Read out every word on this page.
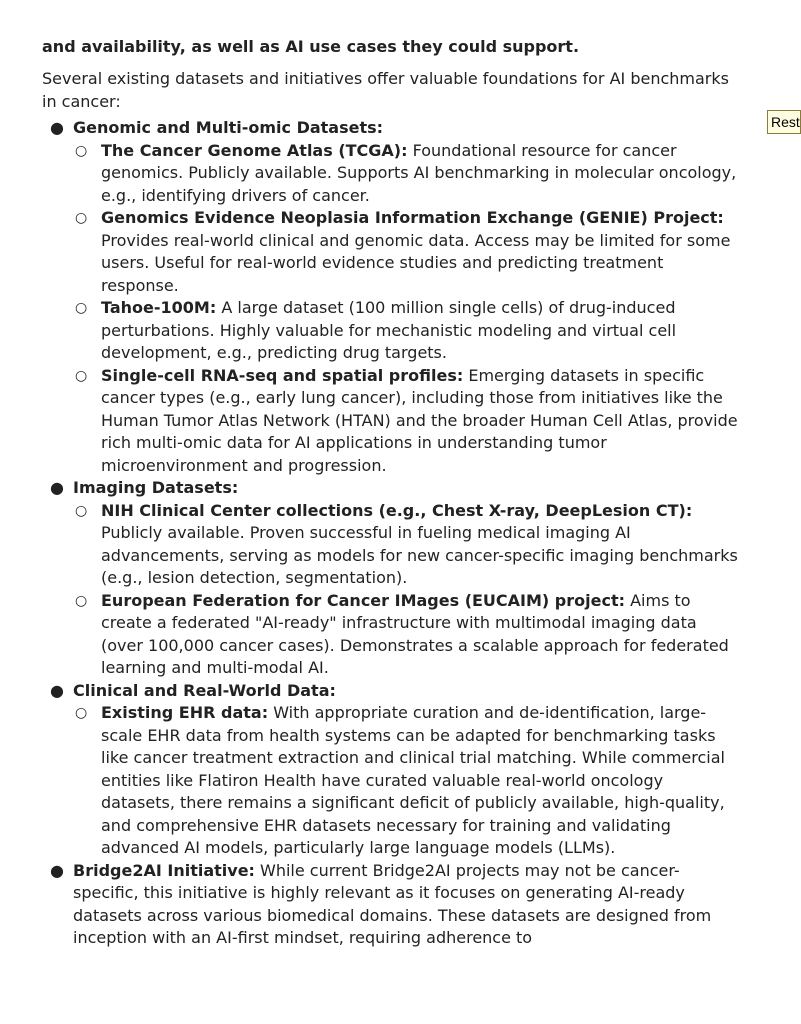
and availability, as well as AI use cases they could support.

Several existing datasets and initiatives offer valuable foundations for AI benchmarks in cancer:

● Genomic and Multi-omic Datasets:
○ The Cancer Genome Atlas (TCGA): Foundational resource for cancer genomics. Publicly available. Supports AI benchmarking in molecular oncology, e.g., identifying drivers of cancer.
○ Genomics Evidence Neoplasia Information Exchange (GENIE) Project: Provides real-world clinical and genomic data. Access may be limited for some users. Useful for real-world evidence studies and predicting treatment response.
○ Tahoe-100M: A large dataset (100 million single cells) of drug-induced perturbations. Highly valuable for mechanistic modeling and virtual cell development, e.g., predicting drug targets.
○ Single-cell RNA-seq and spatial profiles: Emerging datasets in specific cancer types (e.g., early lung cancer), including those from initiatives like the Human Tumor Atlas Network (HTAN) and the broader Human Cell Atlas, provide rich multi-omic data for AI applications in understanding tumor microenvironment and progression.
● Imaging Datasets:
○ NIH Clinical Center collections (e.g., Chest X-ray, DeepLesion CT): Publicly available. Proven successful in fueling medical imaging AI advancements, serving as models for new cancer-specific imaging benchmarks (e.g., lesion detection, segmentation).
○ European Federation for Cancer IMages (EUCAIM) project: Aims to create a federated "AI-ready" infrastructure with multimodal imaging data (over 100,000 cancer cases). Demonstrates a scalable approach for federated learning and multi-modal AI.
● Clinical and Real-World Data:
○ Existing EHR data: With appropriate curation and de-identification, large-scale EHR data from health systems can be adapted for benchmarking tasks like cancer treatment extraction and clinical trial matching. While commercial entities like Flatiron Health have curated valuable real-world oncology datasets, there remains a significant deficit of publicly available, high-quality, and comprehensive EHR datasets necessary for training and validating advanced AI models, particularly large language models (LLMs).
● Bridge2AI Initiative: While current Bridge2AI projects may not be cancer-specific, this initiative is highly relevant as it focuses on generating AI-ready datasets across various biomedical domains. These datasets are designed from inception with an AI-first mindset, requiring adherence to
Rest
